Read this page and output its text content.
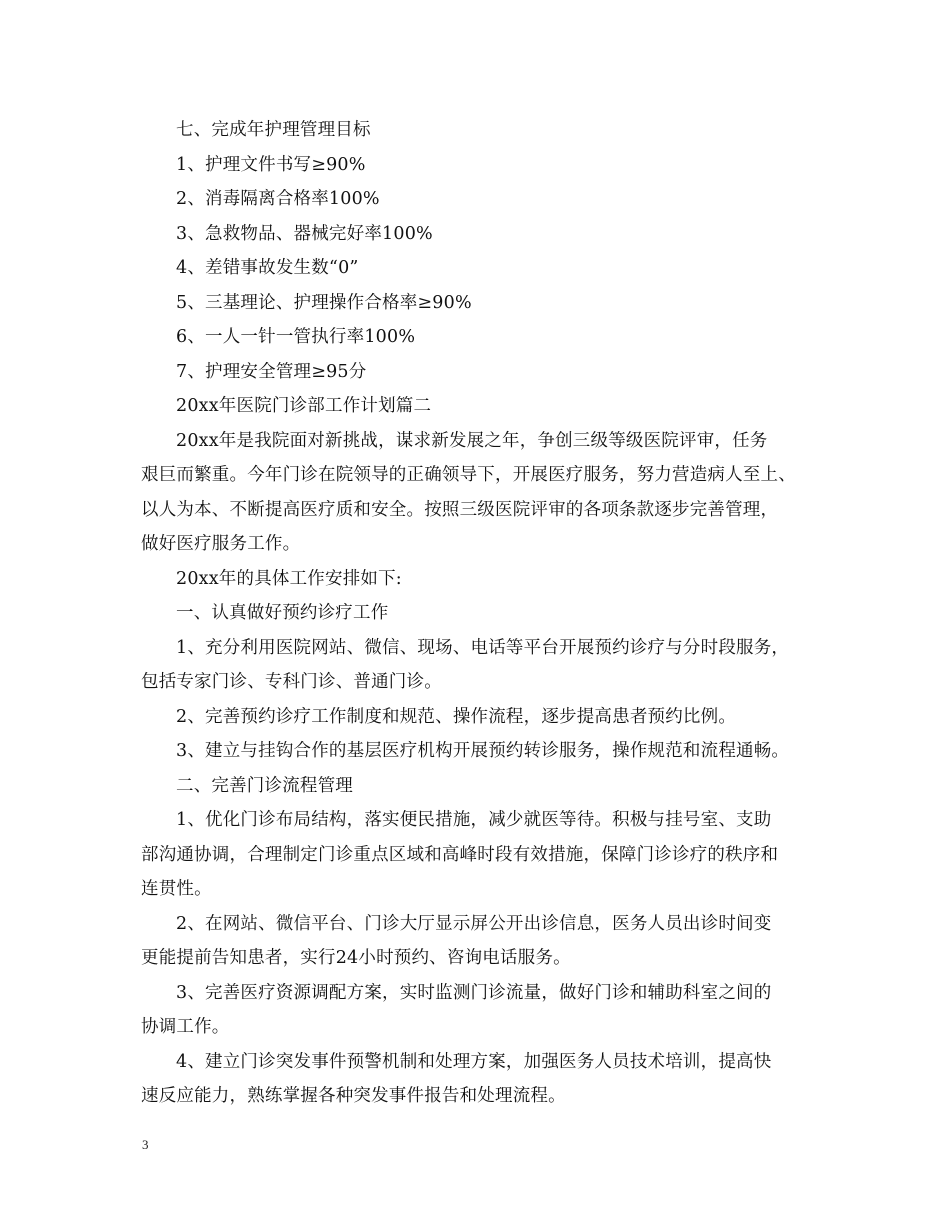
七、完成年护理管理目标
1、护理文件书写≥90%
2、消毒隔离合格率100%
3、急救物品、器械完好率100%
4、差错事故发生数“0”
5、三基理论、护理操作合格率≥90%
6、一人一针一管执行率100%
7、护理安全管理≥95分
20xx年医院门诊部工作计划篇二
20xx年是我院面对新挑战，谋求新发展之年，争创三级等级医院评审，任务
艰巨而繁重。今年门诊在院领导的正确领导下，开展医疗服务，努力营造病人至上、
以人为本、不断提高医疗质和安全。按照三级医院评审的各项条款逐步完善管理，
做好医疗服务工作。
20xx年的具体工作安排如下:
一、认真做好预约诊疗工作
1、充分利用医院网站、微信、现场、电话等平台开展预约诊疗与分时段服务，
包括专家门诊、专科门诊、普通门诊。
2、完善预约诊疗工作制度和规范、操作流程，逐步提高患者预约比例。
3、建立与挂钩合作的基层医疗机构开展预约转诊服务，操作规范和流程通畅。
二、完善门诊流程管理
1、优化门诊布局结构，落实便民措施，减少就医等待。积极与挂号室、支助
部沟通协调，合理制定门诊重点区域和高峰时段有效措施，保障门诊诊疗的秩序和
连贯性。
2、在网站、微信平台、门诊大厅显示屏公开出诊信息，医务人员出诊时间变
更能提前告知患者，实行24小时预约、咨询电话服务。
3、完善医疗资源调配方案，实时监测门诊流量，做好门诊和辅助科室之间的
协调工作。
4、建立门诊突发事件预警机制和处理方案，加强医务人员技术培训，提高快
速反应能力，熟练掌握各种突发事件报告和处理流程。
3
